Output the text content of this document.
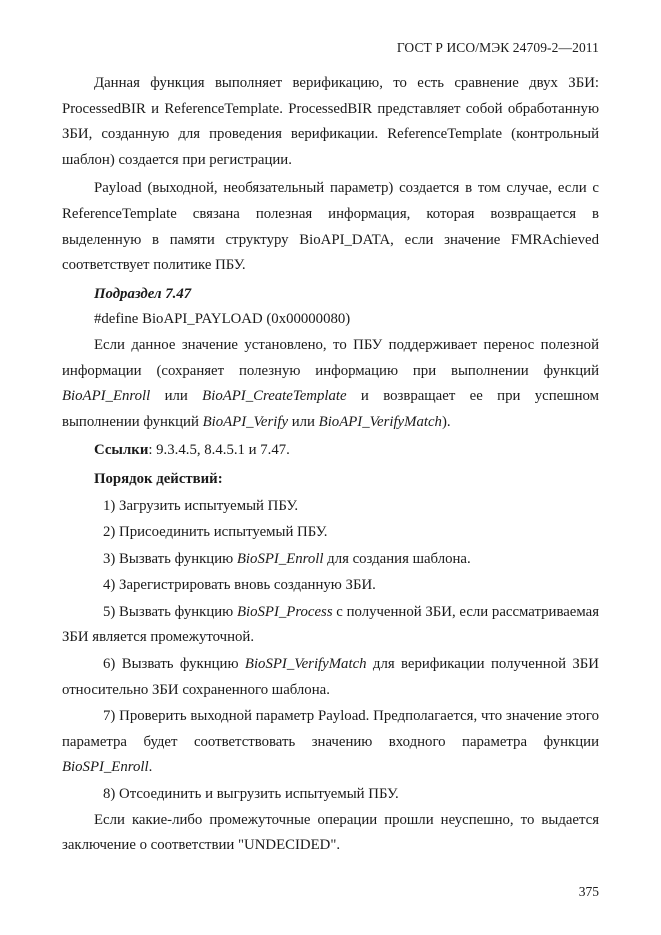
ГОСТ Р ИСО/МЭК 24709-2—2011

Данная функция выполняет верификацию, то есть сравнение двух ЗБИ: ProcessedBIR и ReferenceTemplate. ProcessedBIR представляет собой обработанную ЗБИ, созданную для проведения верификации. ReferenceTemplate (контрольный шаблон) создается при регистрации.

Payload (выходной, необязательный параметр) создается в том случае, если с ReferenceTemplate связана полезная информация, которая возвращается в выделенную в памяти структуру BioAPI_DATA, если значение FMRAchieved соответствует политике ПБУ.

Подраздел 7.47

#define BioAPI_PAYLOAD (0x00000080)

Если данное значение установлено, то ПБУ поддерживает перенос полезной информации (сохраняет полезную информацию при выполнении функций BioAPI_Enroll или BioAPI_CreateTemplate и возвращает ее при успешном выполнении функций BioAPI_Verify или BioAPI_VerifyMatch).

Ссылки: 9.3.4.5, 8.4.5.1 и 7.47.

Порядок действий:

1) Загрузить испытуемый ПБУ.

2) Присоединить испытуемый ПБУ.

3) Вызвать функцию BioSPI_Enroll для создания шаблона.

4) Зарегистрировать вновь созданную ЗБИ.

5) Вызвать функцию BioSPI_Process с полученной ЗБИ, если рассматриваемая ЗБИ является промежуточной.

6) Вызвать фукнцию BioSPI_VerifyMatch для верификации полученной ЗБИ относительно ЗБИ сохраненного шаблона.

7) Проверить выходной параметр Payload. Предполагается, что значение этого параметра будет соответствовать значению входного параметра функции BioSPI_Enroll.

8) Отсоединить и выгрузить испытуемый ПБУ.

Если какие-либо промежуточные операции прошли неуспешно, то выдается заключение о соответствии "UNDECIDED".

375
